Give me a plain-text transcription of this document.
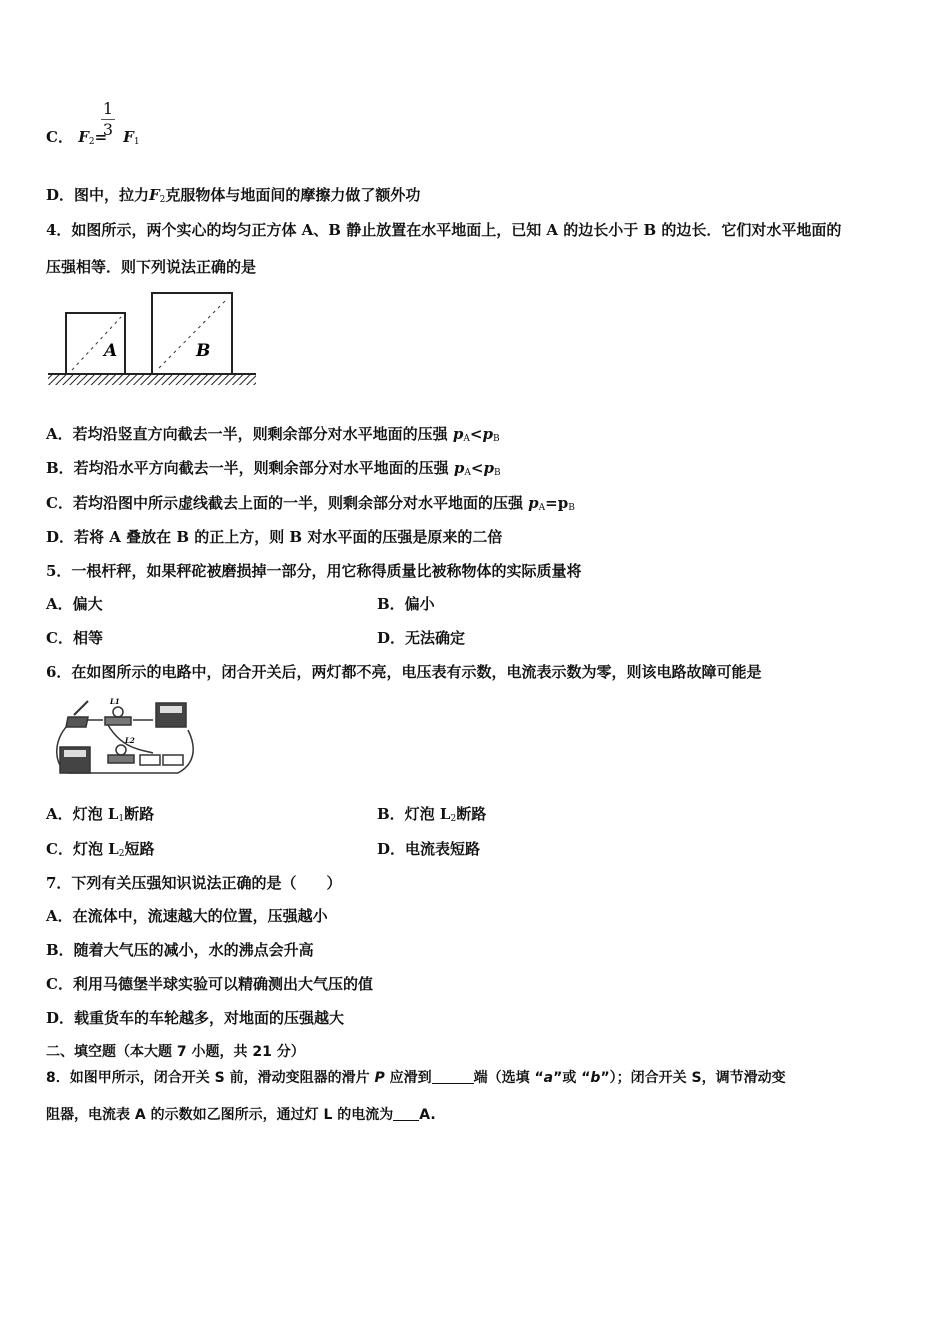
C． $F_2= F_1$
1
3
D．图中，拉力$F_2$克服物体与地面间的摩擦力做了额外功
4．如图所示，两个实心的均匀正方体 A、B 静止放置在水平地面上，已知 A 的边长小于 B 的边长．它们对水平地面的
压强相等．则下列说法正确的是
A	B
A．若均沿竖直方向截去一半，则剩余部分对水平地面的压强 $p_A<p_B$
B．若均沿水平方向截去一半，则剩余部分对水平地面的压强 $p_A<p_B$
C．若均沿图中所示虚线截去上面的一半，则剩余部分对水平地面的压强 $p_A=p_B$
D．若将 A 叠放在 B 的正上方，则 B 对水平面的压强是原来的二倍
5．一根杆秤，如果秤砣被磨损掉一部分，用它称得质量比被称物体的实际质量将
A．偏大	B．偏小
C．相等	D．无法确定
6．在如图所示的电路中，闭合开关后，两灯都不亮，电压表有示数，电流表示数为零，则该电路故障可能是
L1
L2
A．灯泡 $L_1$断路	B．灯泡 $L_2$断路
C．灯泡 $L_2$短路	D．电流表短路
7．下列有关压强知识说法正确的是（　　）
A．在流体中，流速越大的位置，压强越小
B．随着大气压的减小，水的沸点会升高
C．利用马德堡半球实验可以精确测出大气压的值
D．载重货车的车轮越多，对地面的压强越大
二、填空题（本大题 7 小题，共 21 分）
8．如图甲所示，闭合开关 S 前，滑动变阻器的滑片 P 应滑到	端（选填 “a”或 “b”）；闭合开关 S，调节滑动变
阻器，电流表 A 的示数如乙图所示，通过灯 L 的电流为 A.
